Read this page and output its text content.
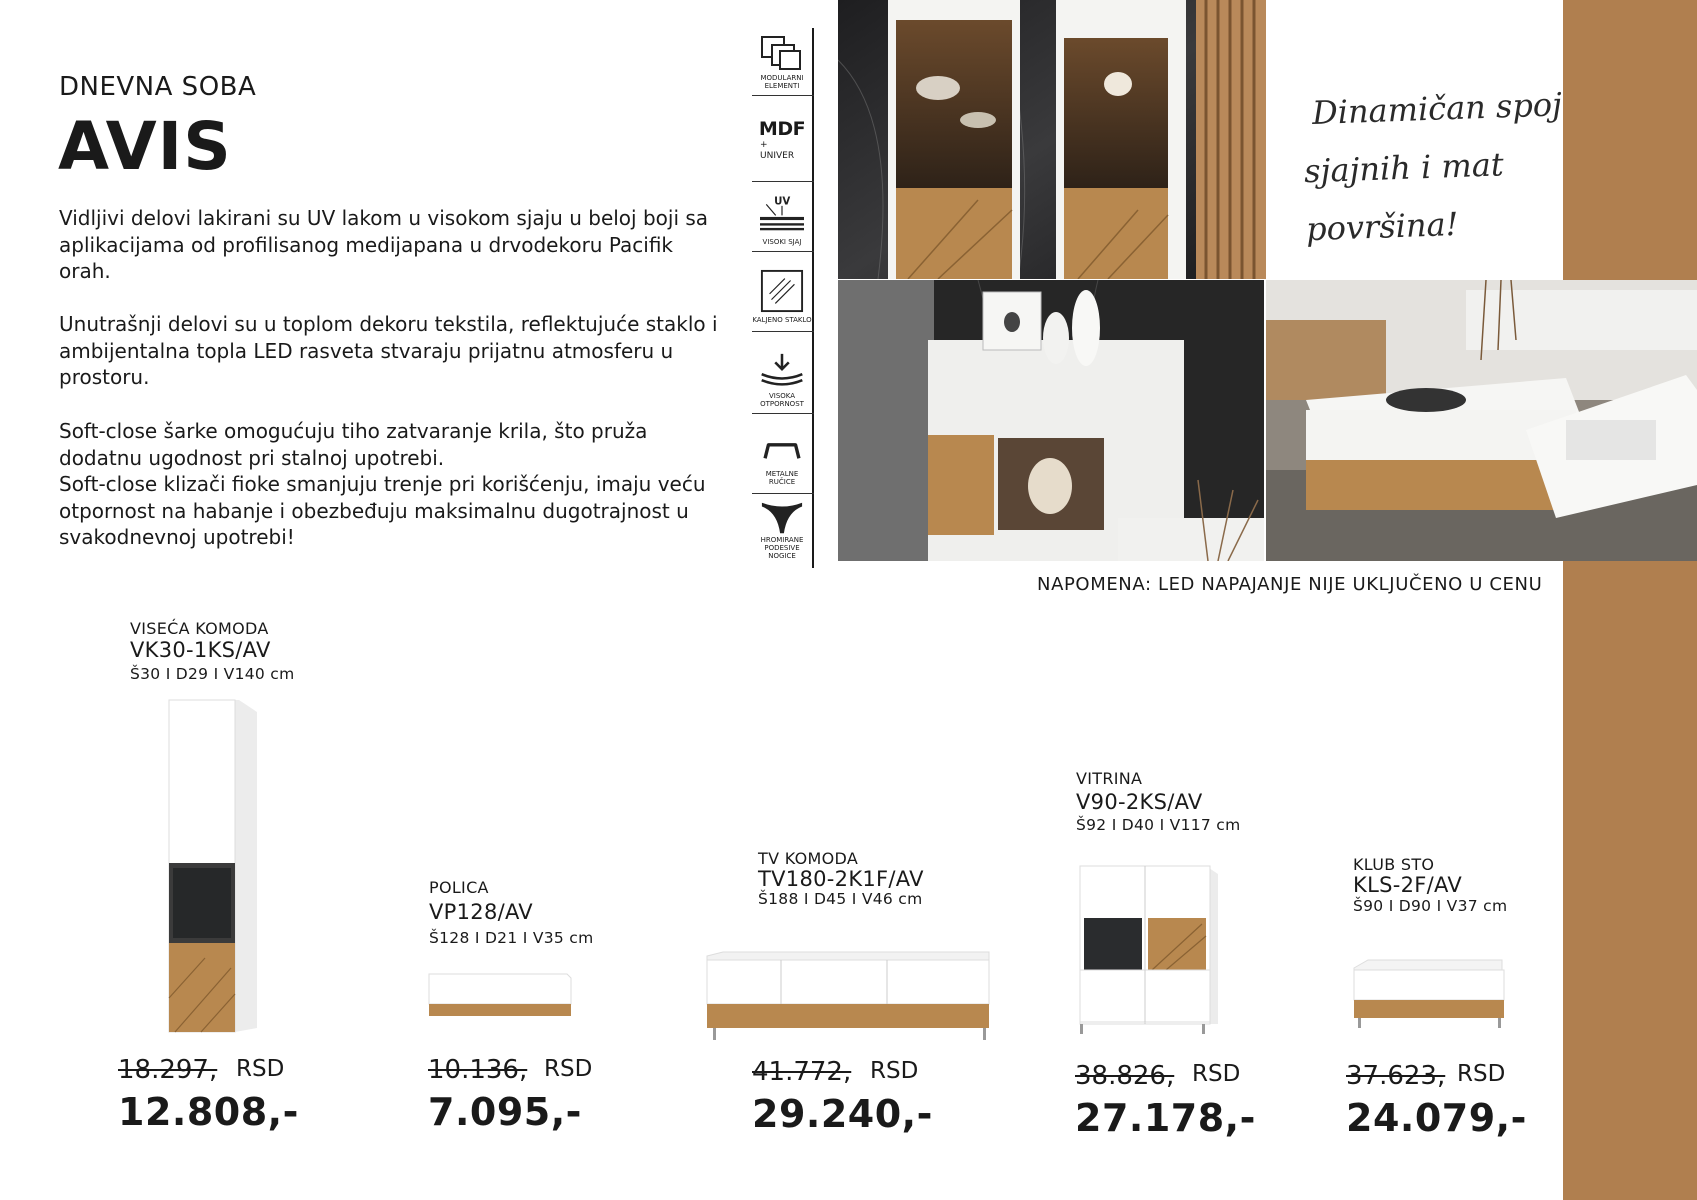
DNEVNA SOBA
AVIS

Vidljivi delovi lakirani su UV lakom u visokom sjaju u beloj boji sa aplikacijama od profilisanog medijapana u drvodekoru Pacifik orah.

Unutrašnji delovi su u toplom dekoru tekstila, reflektujuće staklo i ambijentalna topla LED rasveta stvaraju prijatnu atmosferu u prostoru.

Soft-close šarke omogućuju tiho zatvaranje krila, što pruža dodatnu ugodnost pri stalnoj upotrebi.

Soft-close klizači fioke smanjuju trenje pri korišćenju, imaju veću otpornost na habanje i obezbeđuju maksimalnu dugotrajnost u svakodnevnoj upotrebi!

MODULARNI ELEMENTI
MDF
+ UNIVER
UV
VISOKI SJAJ
KALJENO STAKLO
VISOKA OTPORNOST
METALNE RUČICE
HROMIRANE PODESIVE NOGICE
Dinamičan spoj
sjajnih i mat površina!
NAPOMENA: LED NAPAJANJE NIJE UKLJUČENO U CENU
VISEĆA KOMODA
VK30-1KS/AV
Š30 I D29 I V140 cm
18.297, RSD
12.808,-
POLICA
VP128/AV
Š128 I D21 I V35 cm
10.136, RSD
7.095,-
TV KOMODA
TV180-2K1F/AV
Š188 I D45 I V46 cm
41.772, RSD
29.240,-
VITRINA
V90-2KS/AV
Š92 I D40 I V117 cm
38.826, RSD
27.178,-
KLUB STO
KLS-2F/AV
Š90 I D90 I V37 cm
37.623, RSD
24.079,-
